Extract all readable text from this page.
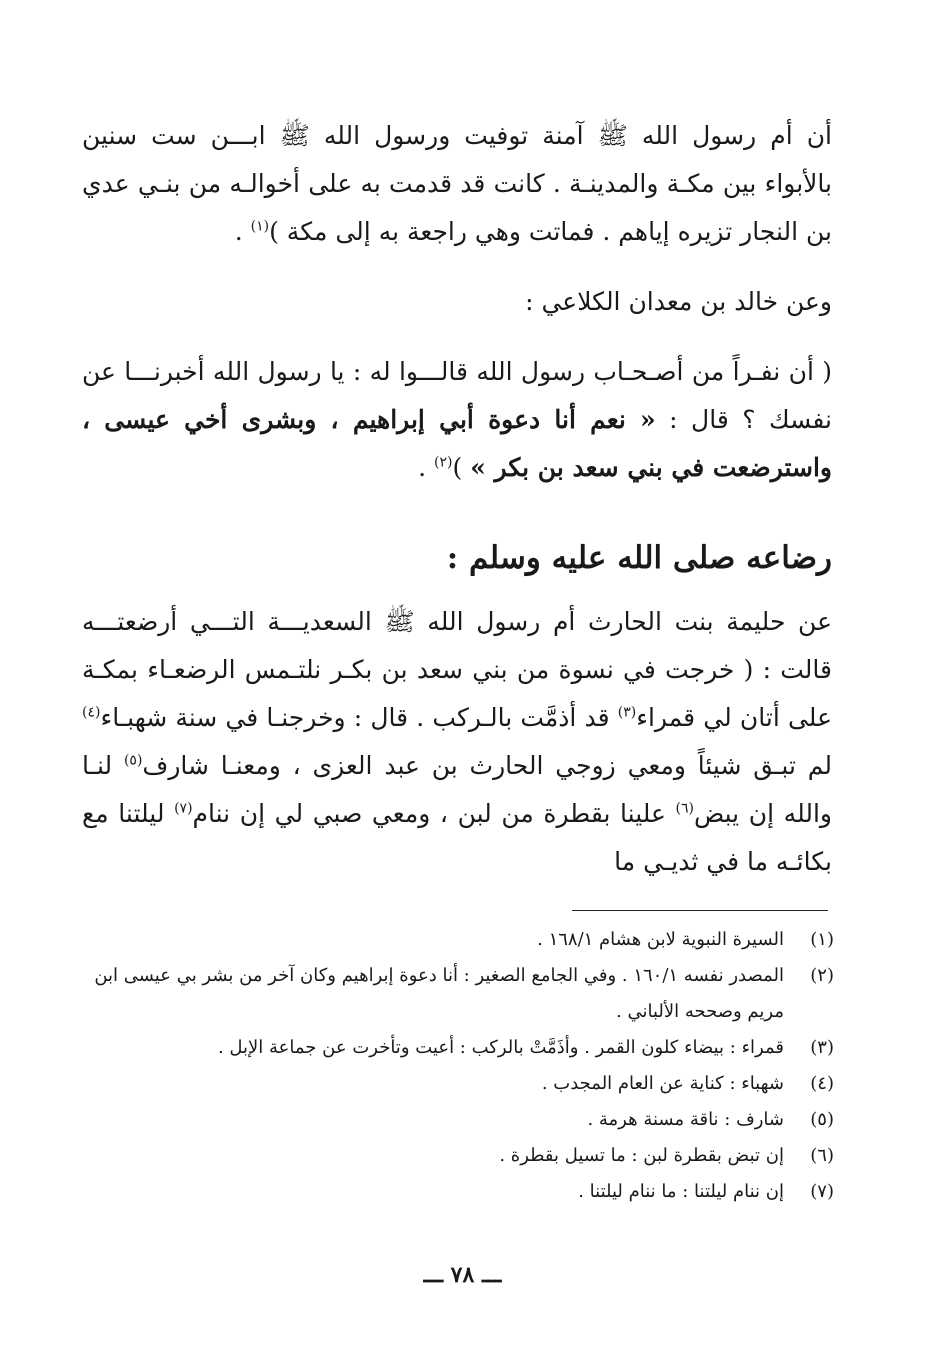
أن أم رسول الله ﷺ آمنة توفيت ورسول الله ﷺ ابـــن ست سنين بالأبواء بين مكـة والمدينـة . كانت قد قدمت به على أخوالـه من بنـي عدي بن النجار تزيره إياهم . فماتت وهي راجعة به إلى مكة )$^{(١)}$ .

وعن خالد بن معدان الكلاعي :

( أن نفـراً من أصـحـاب رسول الله قالـــوا له : يا رسول الله أخبرنـــا عن نفسك ؟ قال : « نعم أنا دعوة أبي إبراهيم ، وبشرى أخي عيسى ، واسترضعت في بني سعد بن بكر » )$^{(٢)}$ .

رضاعه صلى الله عليه وسلم :

عن حليمة بنت الحارث أم رسول الله ﷺ السعديـــة التـــي أرضعتـــه قالت : ( خرجت في نسوة من بني سعد بن بكـر نلتـمس الرضعـاء بمكـة على أتان لي قمراء$^{(٣)}$ قد أذمَّت بالـركب . قال : وخرجنـا في سنة شهبـاء$^{(٤)}$ لم تبـق شيئاً ومعي زوجي الحارث بن عبد العزى ، ومعنـا شارف$^{(٥)}$ لنـا والله إن يبض$^{(٦)}$ علينا بقطرة من لبن ، ومعي صبي لي إن ننام$^{(٧)}$ ليلتنا مع بكائـه ما في ثديـي ما

(١)
السيرة النبوية لابن هشام ١٦٨/١ .
(٢)
المصدر نفسه ١٦٠/١ . وفي الجامع الصغير : أنا دعوة إبراهيم وكان آخر من بشر بي عيسى ابن مريم وصححه الألباني .
(٣)
قمراء : بيضاء كلون القمر . وأذَمَّتْ بالركب : أعيت وتأخرت عن جماعة الإبل .
(٤)
شهباء : كناية عن العام المجدب .
(٥)
شارف : ناقة مسنة هرمة .
(٦)
إن تبض بقطرة لبن : ما تسيل بقطرة .
(٧)
إن ننام ليلتنا : ما ننام ليلتنا .
ـــ ٧٨ ـــ
